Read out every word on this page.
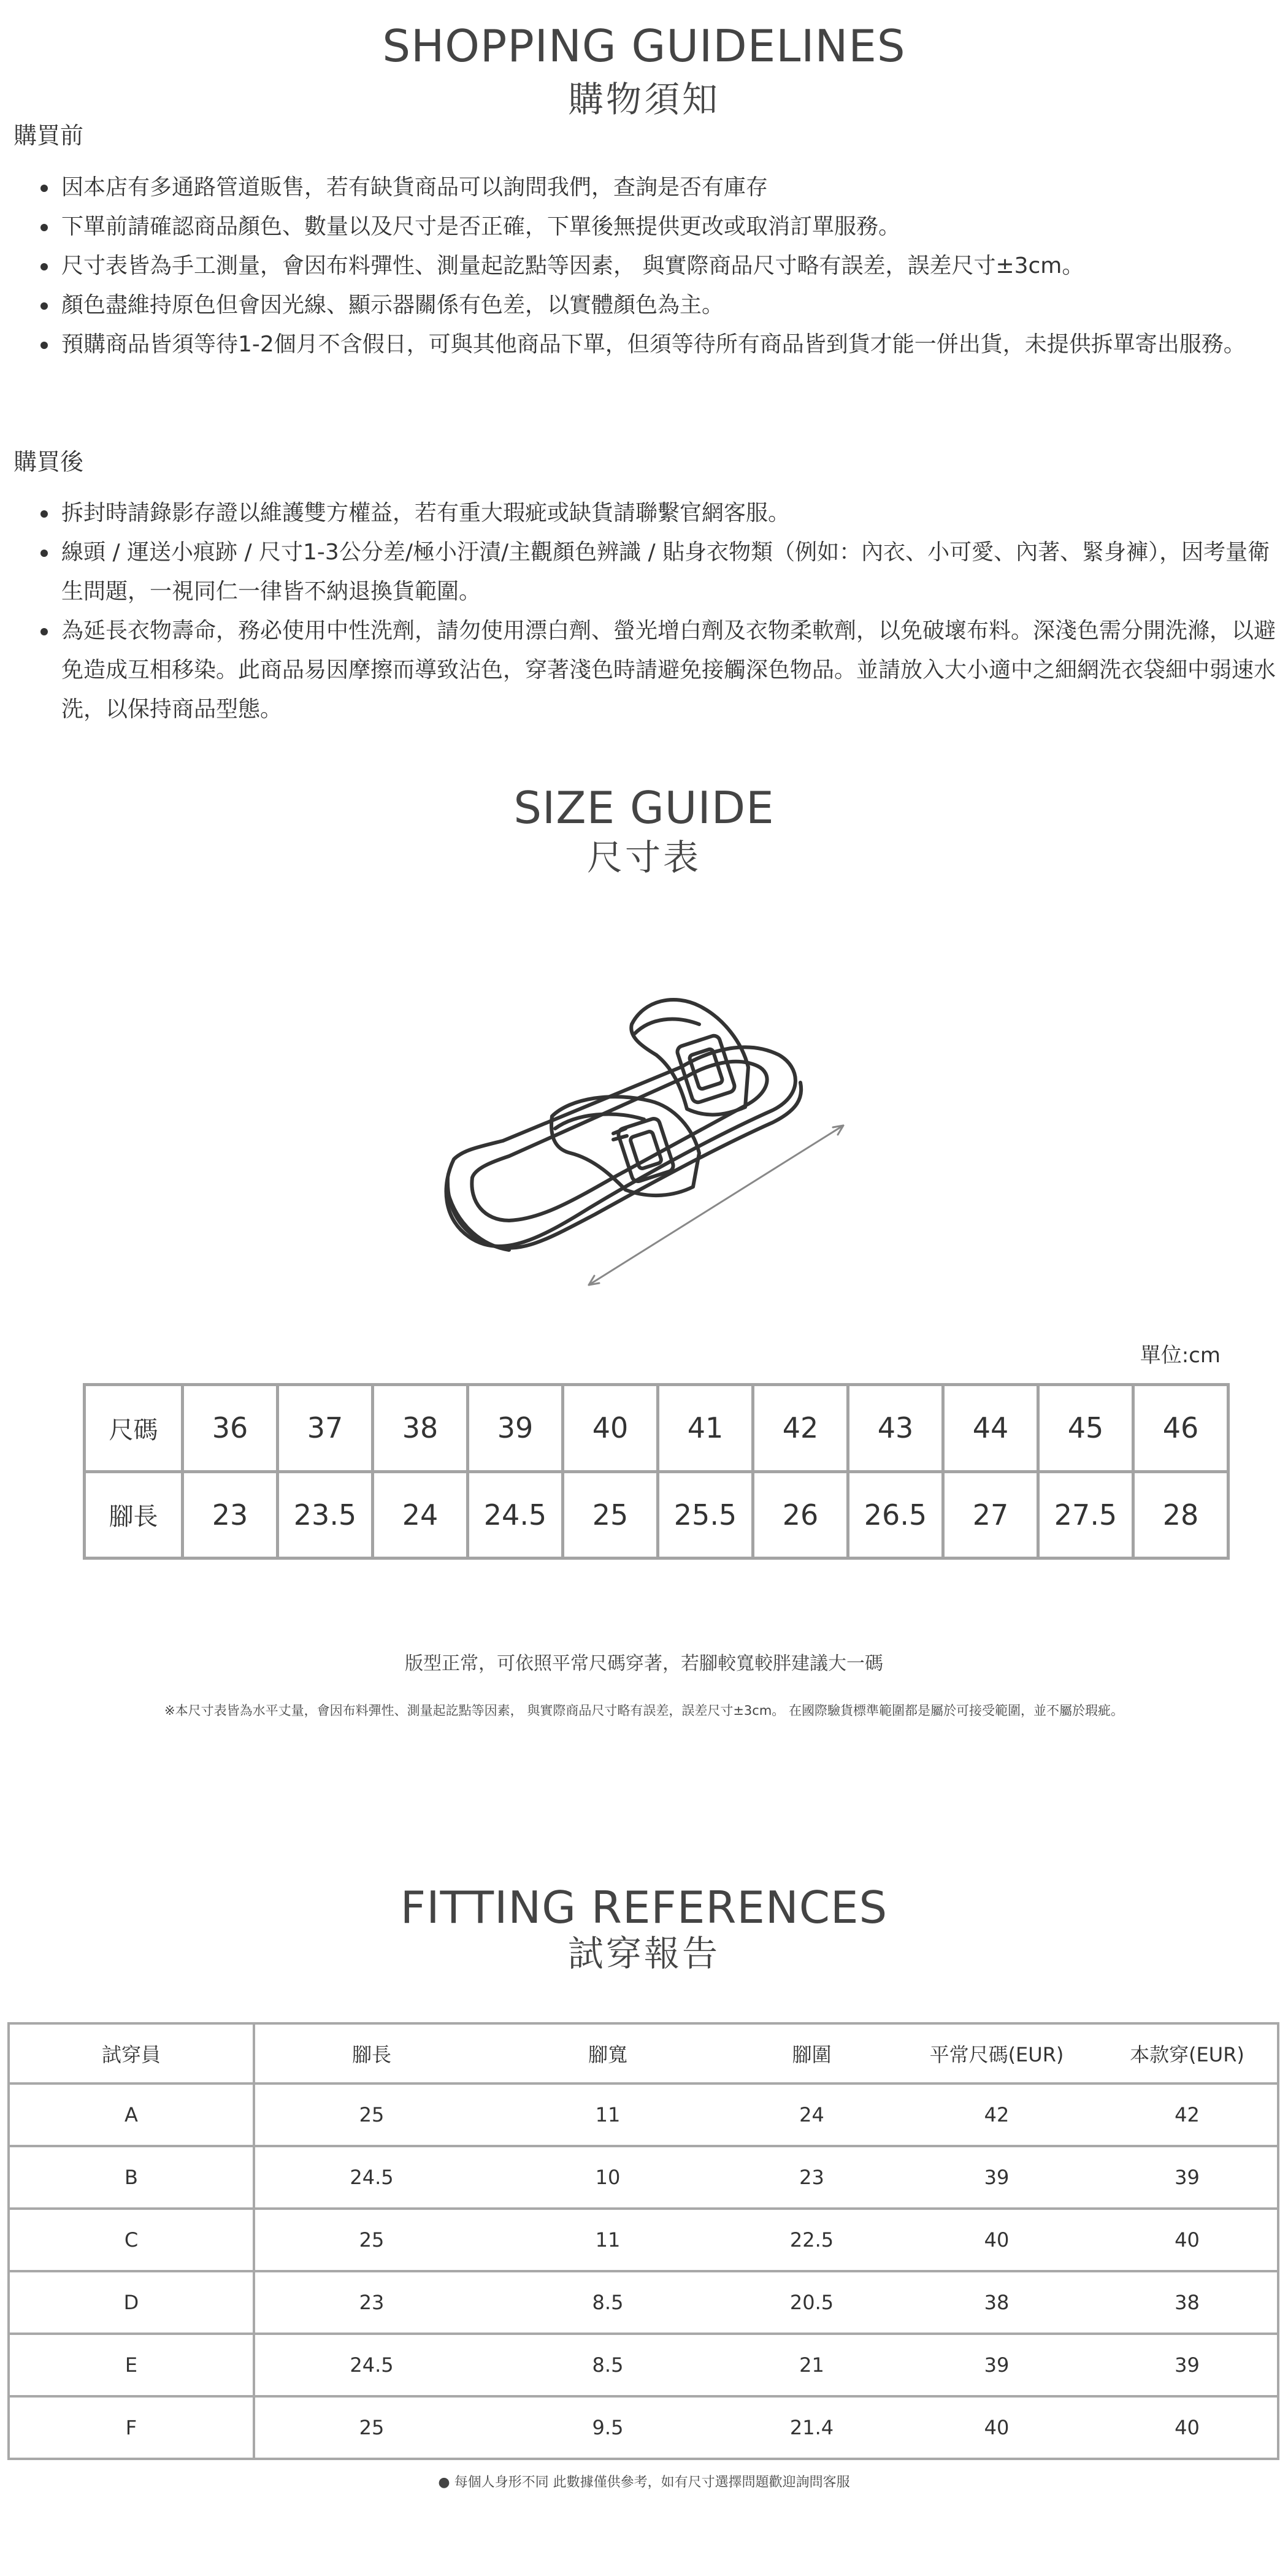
SHOPPING GUIDELINES
購物須知
購買前
因本店有多通路管道販售，若有缺貨商品可以詢問我們，查詢是否有庫存
下單前請確認商品顏色、數量以及尺寸是否正確，下單後無提供更改或取消訂單服務。
尺寸表皆為手工測量，會因布料彈性、測量起訖點等因素， 與實際商品尺寸略有誤差，誤差尺寸±3cm。
顏色盡維持原色但會因光線、顯示器關係有色差，以實體顏色為主。
預購商品皆須等待1-2個月不含假日，可與其他商品下單，但須等待所有商品皆到貨才能一併出貨，未提供拆單寄出服務。
購買後
拆封時請錄影存證以維護雙方權益，若有重大瑕疵或缺貨請聯繫官網客服。
線頭 / 運送小痕跡 / 尺寸1-3公分差/極小汙漬/主觀顏色辨識 / 貼身衣物類（例如：內衣、小可愛、內著、緊身褲），因考量衛生問題，一視同仁一律皆不納退換貨範圍。
為延長衣物壽命，務必使用中性洗劑，請勿使用漂白劑、螢光增白劑及衣物柔軟劑，以免破壞布料。深淺色需分開洗滌，以避免造成互相移染。此商品易因摩擦而導致沾色，穿著淺色時請避免接觸深色物品。並請放入大小適中之細網洗衣袋細中弱速水洗，以保持商品型態。
SIZE GUIDE
尺寸表
單位:cm
尺碼	36	37	38	39	40	41	42	43	44	45	46
腳長	23	23.5	24	24.5	25	25.5	26	26.5	27	27.5	28
版型正常，可依照平常尺碼穿著，若腳較寬較胖建議大一碼
※本尺寸表皆為水平丈量，會因布料彈性、測量起訖點等因素， 與實際商品尺寸略有誤差，誤差尺寸±3cm。 在國際驗貨標準範圍都是屬於可接受範圍，並不屬於瑕疵。
FITTING REFERENCES
試穿報告
試穿員	腳長	腳寬	腳圍	平常尺碼(EUR)	本款穿(EUR)
A	25	11	24	42	42
B	24.5	10	23	39	39
C	25	11	22.5	40	40
D	23	8.5	20.5	38	38
E	24.5	8.5	21	39	39
F	25	9.5	21.4	40	40
● 每個人身形不同 此數據僅供參考，如有尺寸選擇問題歡迎詢問客服
